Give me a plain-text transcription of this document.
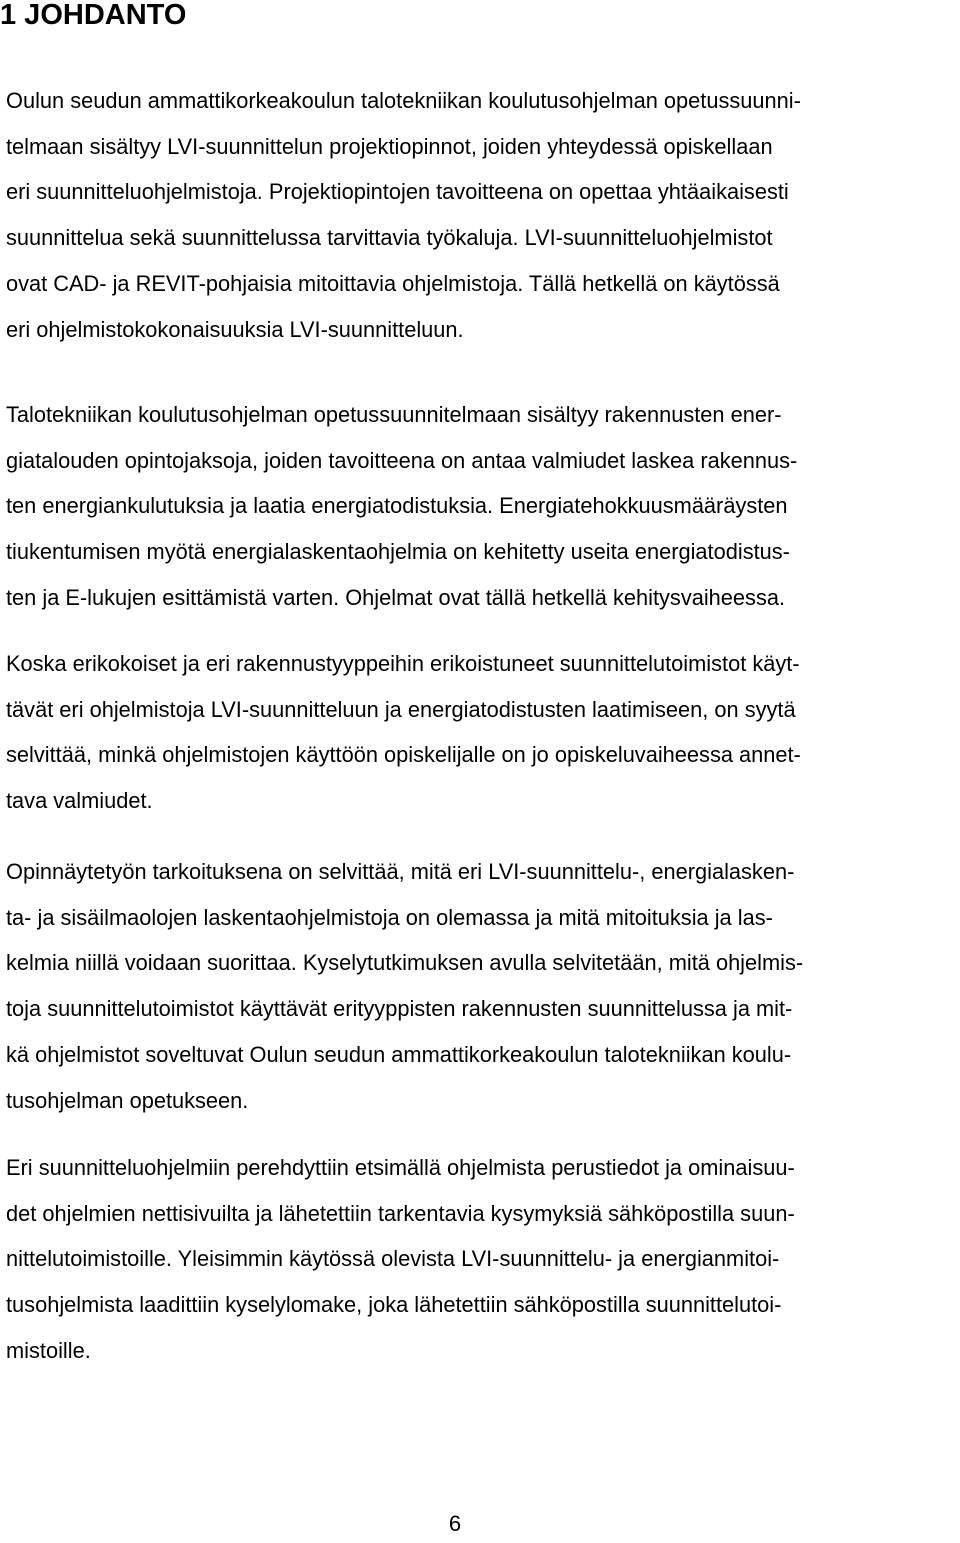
1 JOHDANTO

Oulun seudun ammattikorkeakoulun talotekniikan koulutusohjelman opetussuunni-
telmaan sisältyy LVI-suunnittelun projektiopinnot, joiden yhteydessä opiskellaan
eri suunnitteluohjelmistoja. Projektiopintojen tavoitteena on opettaa yhtäaikaisesti
suunnittelua sekä suunnittelussa tarvittavia työkaluja. LVI-suunnitteluohjelmistot
ovat CAD- ja REVIT-pohjaisia mitoittavia ohjelmistoja. Tällä hetkellä on käytössä
eri ohjelmistokokonaisuuksia LVI-suunnitteluun.

Talotekniikan koulutusohjelman opetussuunnitelmaan sisältyy rakennusten ener-
giatalouden opintojaksoja, joiden tavoitteena on antaa valmiudet laskea rakennus-
ten energiankulutuksia ja laatia energiatodistuksia. Energiatehokkuusmääräysten
tiukentumisen myötä energialaskentaohjelmia on kehitetty useita energiatodistus-
ten ja E-lukujen esittämistä varten. Ohjelmat ovat tällä hetkellä kehitysvaiheessa.

Koska erikokoiset ja eri rakennustyyppeihin erikoistuneet suunnittelutoimistot käyt-
tävät eri ohjelmistoja LVI-suunnitteluun ja energiatodistusten laatimiseen, on syytä
selvittää, minkä ohjelmistojen käyttöön opiskelijalle on jo opiskeluvaiheessa annet-
tava valmiudet.

Opinnäytetyön tarkoituksena on selvittää, mitä eri LVI-suunnittelu-, energialasken-
ta- ja sisäilmaolojen laskentaohjelmistoja on olemassa ja mitä mitoituksia ja las-
kelmia niillä voidaan suorittaa. Kyselytutkimuksen avulla selvitetään, mitä ohjelmis-
toja suunnittelutoimistot käyttävät erityyppisten rakennusten suunnittelussa ja mit-
kä ohjelmistot soveltuvat Oulun seudun ammattikorkeakoulun talotekniikan koulu-
tusohjelman opetukseen.

Eri suunnitteluohjelmiin perehdyttiin etsimällä ohjelmista perustiedot ja ominaisuu-
det ohjelmien nettisivuilta ja lähetettiin tarkentavia kysymyksiä sähköpostilla suun-
nittelutoimistoille. Yleisimmin käytössä olevista LVI-suunnittelu- ja energianmitoi-
tusohjelmista laadittiin kyselylomake, joka lähetettiin sähköpostilla suunnittelutoi-
mistoille.

6
